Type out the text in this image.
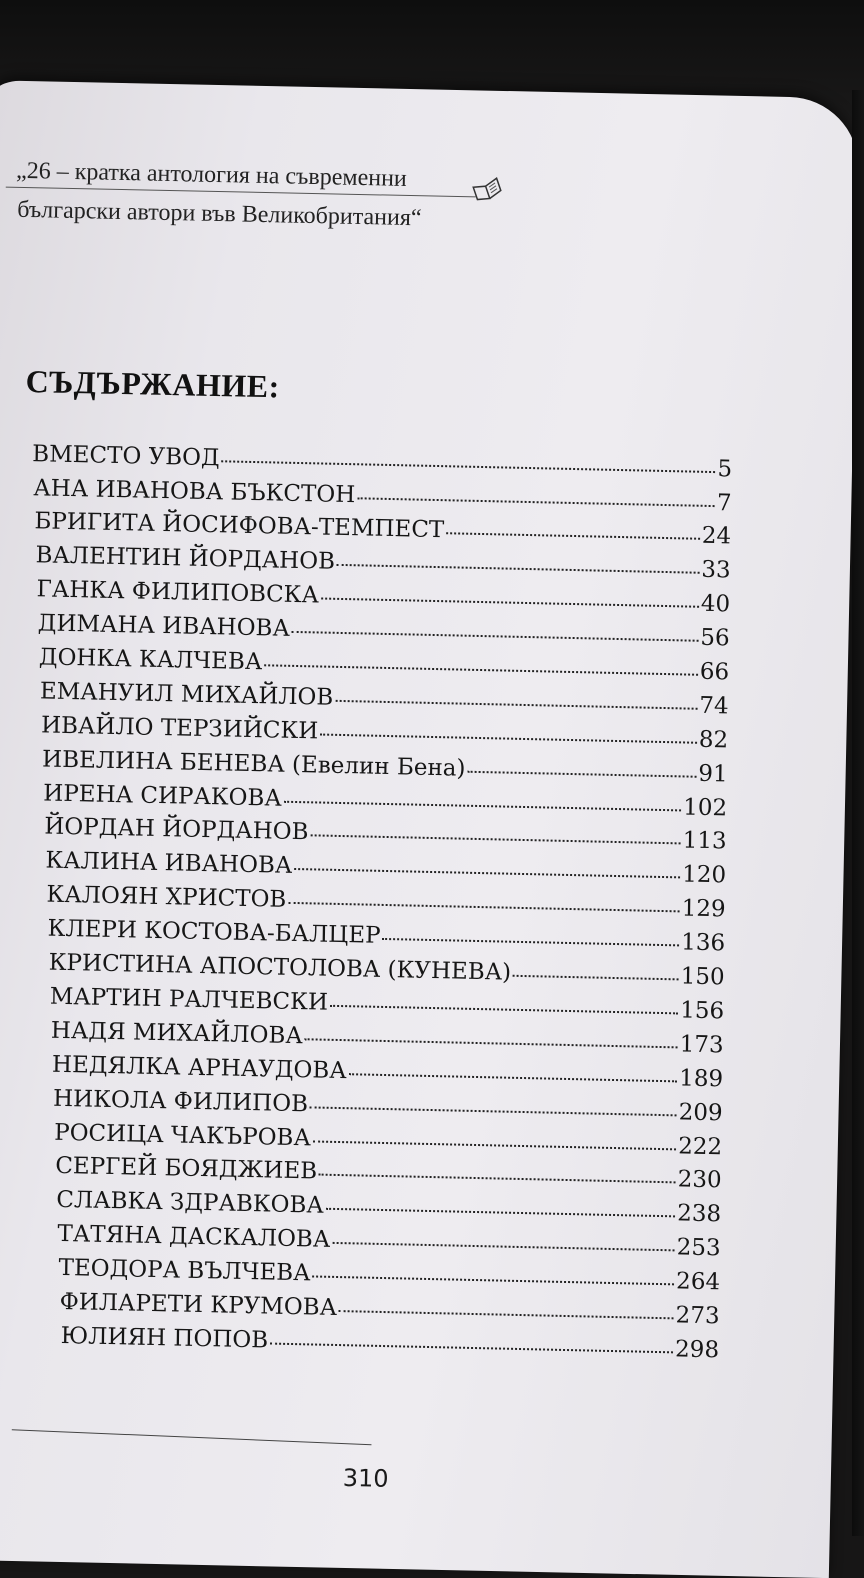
„26 – кратка антология на съвременни
български автори във Великобритания“
СЪДЪРЖАНИЕ:
ВМЕСТО УВОД	5
АНА ИВАНОВА БЪКСТОН	7
БРИГИТА ЙОСИФОВА-ТЕМПЕСТ	24
ВАЛЕНТИН ЙОРДАНОВ	33
ГАНКА ФИЛИПОВСКА	40
ДИМАНА ИВАНОВА	56
ДОНКА КАЛЧЕВА	66
ЕМАНУИЛ МИХАЙЛОВ	74
ИВАЙЛО ТЕРЗИЙСКИ	82
ИВЕЛИНА БЕНЕВА (Евелин Бена)	91
ИРЕНА СИРАКОВА	102
ЙОРДАН ЙОРДАНОВ	113
КАЛИНА ИВАНОВА	120
КАЛОЯН ХРИСТОВ	129
КЛЕРИ КОСТОВА-БАЛЦЕР	136
КРИСТИНА АПОСТОЛОВА (КУНЕВА)	150
МАРТИН РАЛЧЕВСКИ	156
НАДЯ МИХАЙЛОВА	173
НЕДЯЛКА АРНАУДОВА	189
НИКОЛА ФИЛИПОВ	209
РОСИЦА ЧАКЪРОВА	222
СЕРГЕЙ БОЯДЖИЕВ	230
СЛАВКА ЗДРАВКОВА	238
ТАТЯНА ДАСКАЛОВА	253
ТЕОДОРА ВЪЛЧЕВА	264
ФИЛАРЕТИ КРУМОВА	273
ЮЛИЯН ПОПОВ	298
310
